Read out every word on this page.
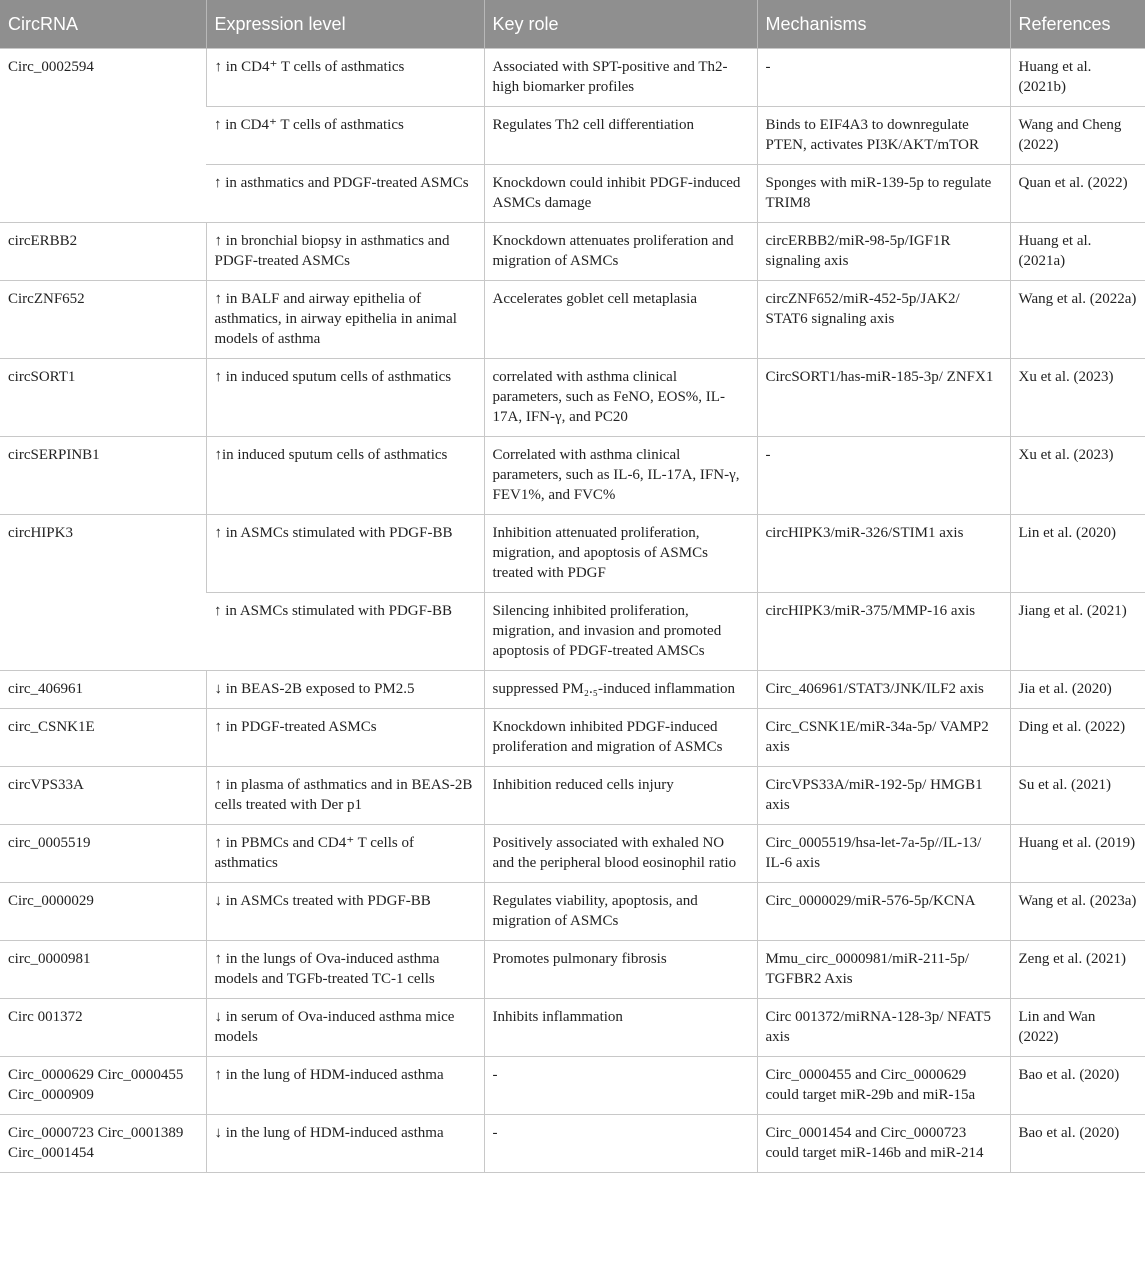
CircRNA	Expression level	Key role	Mechanisms	References
Circ_0002594	↑ in CD4⁺ T cells of asthmatics	Associated with SPT-positive and Th2-high biomarker profiles	-	Huang et al. (2021b)
	↑ in CD4⁺ T cells of asthmatics	Regulates Th2 cell differentiation	Binds to EIF4A3 to downregulate PTEN, activates PI3K/AKT/mTOR	Wang and Cheng (2022)
	↑ in asthmatics and PDGF-treated ASMCs	Knockdown could inhibit PDGF-induced ASMCs damage	Sponges with miR-139-5p to regulate TRIM8	Quan et al. (2022)
circERBB2	↑ in bronchial biopsy in asthmatics and PDGF-treated ASMCs	Knockdown attenuates proliferation and migration of ASMCs	circERBB2/miR-98-5p/IGF1R signaling axis	Huang et al. (2021a)
CircZNF652	↑ in BALF and airway epithelia of asthmatics, in airway epithelia in animal models of asthma	Accelerates goblet cell metaplasia	circZNF652/miR-452-5p/JAK2/ STAT6 signaling axis	Wang et al. (2022a)
circSORT1	↑ in induced sputum cells of asthmatics	correlated with asthma clinical parameters, such as FeNO, EOS%, IL-17A, IFN-γ, and PC20	CircSORT1/has-miR-185-3p/ ZNFX1	Xu et al. (2023)
circSERPINB1	↑in induced sputum cells of asthmatics	Correlated with asthma clinical parameters, such as IL-6, IL-17A, IFN-γ, FEV1%, and FVC%	-	Xu et al. (2023)
circHIPK3	↑ in ASMCs stimulated with PDGF-BB	Inhibition attenuated proliferation, migration, and apoptosis of ASMCs treated with PDGF	circHIPK3/miR-326/STIM1 axis	Lin et al. (2020)
	↑ in ASMCs stimulated with PDGF-BB	Silencing inhibited proliferation, migration, and invasion and promoted apoptosis of PDGF-treated AMSCs	circHIPK3/miR-375/MMP-16 axis	Jiang et al. (2021)
circ_406961	↓ in BEAS-2B exposed to PM2.5	suppressed PM₂.₅-induced inflammation	Circ_406961/STAT3/JNK/ILF2 axis	Jia et al. (2020)
circ_CSNK1E	↑ in PDGF-treated ASMCs	Knockdown inhibited PDGF-induced proliferation and migration of ASMCs	Circ_CSNK1E/miR-34a-5p/ VAMP2 axis	Ding et al. (2022)
circVPS33A	↑ in plasma of asthmatics and in BEAS-2B cells treated with Der p1	Inhibition reduced cells injury	CircVPS33A/miR-192-5p/ HMGB1 axis	Su et al. (2021)
circ_0005519	↑ in PBMCs and CD4⁺ T cells of asthmatics	Positively associated with exhaled NO and the peripheral blood eosinophil ratio	Circ_0005519/hsa-let-7a-5p//IL-13/ IL-6 axis	Huang et al. (2019)
Circ_0000029	↓ in ASMCs treated with PDGF-BB	Regulates viability, apoptosis, and migration of ASMCs	Circ_0000029/miR-576-5p/KCNA	Wang et al. (2023a)
circ_0000981	↑ in the lungs of Ova-induced asthma models and TGFb-treated TC-1 cells	Promotes pulmonary fibrosis	Mmu_circ_0000981/miR-211-5p/ TGFBR2 Axis	Zeng et al. (2021)
Circ 001372	↓ in serum of Ova-induced asthma mice models	Inhibits inflammation	Circ 001372/miRNA-128-3p/ NFAT5 axis	Lin and Wan (2022)
Circ_0000629 Circ_0000455 Circ_0000909	↑ in the lung of HDM-induced asthma	-	Circ_0000455 and Circ_0000629 could target miR-29b and miR-15a	Bao et al. (2020)
Circ_0000723 Circ_0001389 Circ_0001454	↓ in the lung of HDM-induced asthma	-	Circ_0001454 and Circ_0000723 could target miR-146b and miR-214	Bao et al. (2020)
